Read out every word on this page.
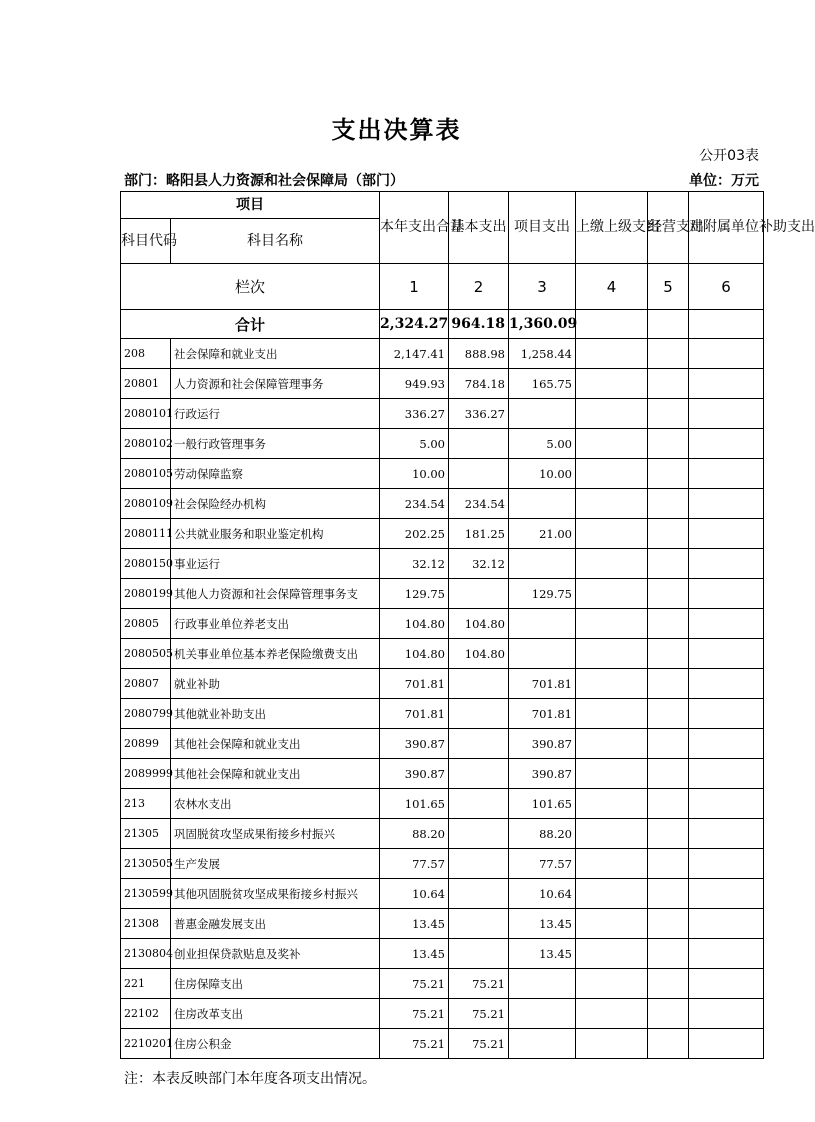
支出决算表
公开03表
部门：略阳县人力资源和社会保障局（部门）	单位：万元
项目		本年支出合计	基本支出	项目支出	上缴上级支出	经营支出	对附属单位补助支出
科目代码	科目名称						
栏次		1	2	3	4	5	6
合计		2,324.27	964.18	1,360.09			
208	社会保障和就业支出	2,147.41	888.98	1,258.44			
20801	人力资源和社会保障管理事务	949.93	784.18	165.75			
2080101	行政运行	336.27	336.27				
2080102	一般行政管理事务	5.00		5.00			
2080105	劳动保障监察	10.00		10.00			
2080109	社会保险经办机构	234.54	234.54				
2080111	公共就业服务和职业鉴定机构	202.25	181.25	21.00			
2080150	事业运行	32.12	32.12				
2080199	其他人力资源和社会保障管理事务支	129.75		129.75			
20805	行政事业单位养老支出	104.80	104.80				
2080505	机关事业单位基本养老保险缴费支出	104.80	104.80				
20807	就业补助	701.81		701.81			
2080799	其他就业补助支出	701.81		701.81			
20899	其他社会保障和就业支出	390.87		390.87			
2089999	其他社会保障和就业支出	390.87		390.87			
213	农林水支出	101.65		101.65			
21305	巩固脱贫攻坚成果衔接乡村振兴	88.20		88.20			
2130505	生产发展	77.57		77.57			
2130599	其他巩固脱贫攻坚成果衔接乡村振兴	10.64		10.64			
21308	普惠金融发展支出	13.45		13.45			
2130804	创业担保贷款贴息及奖补	13.45		13.45			
221	住房保障支出	75.21	75.21				
22102	住房改革支出	75.21	75.21				
2210201	住房公积金	75.21	75.21				
注：本表反映部门本年度各项支出情况。
